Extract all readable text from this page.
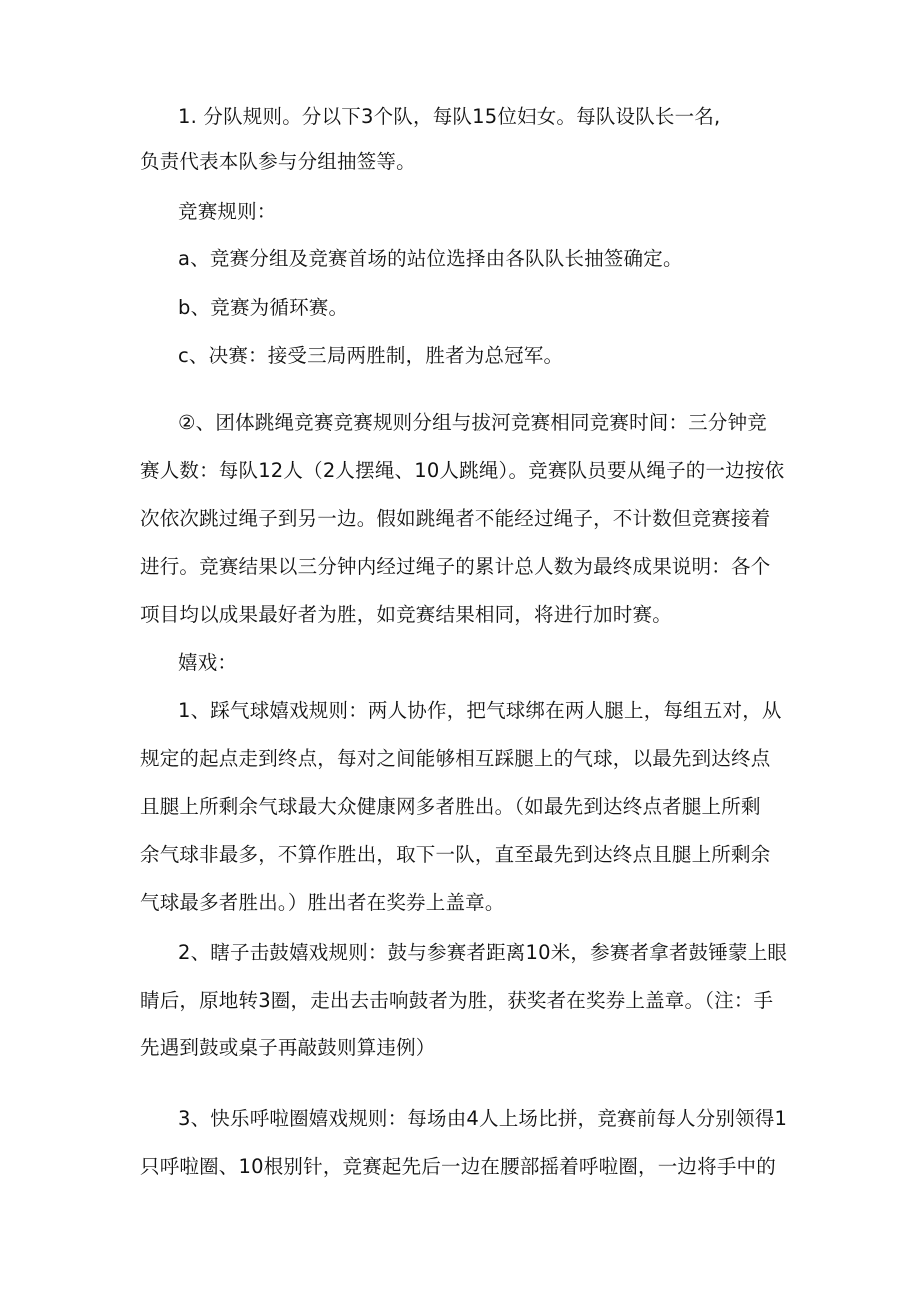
1. 分队规则。分以下3个队，每队15位妇女。每队设队长一名,
负责代表本队参与分组抽签等。
竞赛规则：
a、竞赛分组及竞赛首场的站位选择由各队队长抽签确定。
b、竞赛为循环赛。
c、决赛：接受三局两胜制，胜者为总冠军。
②、团体跳绳竞赛竞赛规则分组与拔河竞赛相同竞赛时间：三分钟竞
赛人数：每队12人（2人摆绳、10人跳绳）。竞赛队员要从绳子的一边按依
次依次跳过绳子到另一边。假如跳绳者不能经过绳子，不计数但竞赛接着
进行。竞赛结果以三分钟内经过绳子的累计总人数为最终成果说明：各个
项目均以成果最好者为胜，如竞赛结果相同，将进行加时赛。
嬉戏：
1、踩气球嬉戏规则：两人协作，把气球绑在两人腿上，每组五对，从
规定的起点走到终点，每对之间能够相互踩腿上的气球，以最先到达终点
且腿上所剩余气球最大众健康网多者胜出。（如最先到达终点者腿上所剩
余气球非最多，不算作胜出，取下一队，直至最先到达终点且腿上所剩余
气球最多者胜出。）胜出者在奖券上盖章。
2、瞎子击鼓嬉戏规则：鼓与参赛者距离10米，参赛者拿者鼓锤蒙上眼
睛后，原地转3圈，走出去击响鼓者为胜，获奖者在奖券上盖章。（注：手
先遇到鼓或桌子再敲鼓则算违例）
3、快乐呼啦圈嬉戏规则：每场由4人上场比拼，竞赛前每人分别领得1
只呼啦圈、10根别针，竞赛起先后一边在腰部摇着呼啦圈，一边将手中的
